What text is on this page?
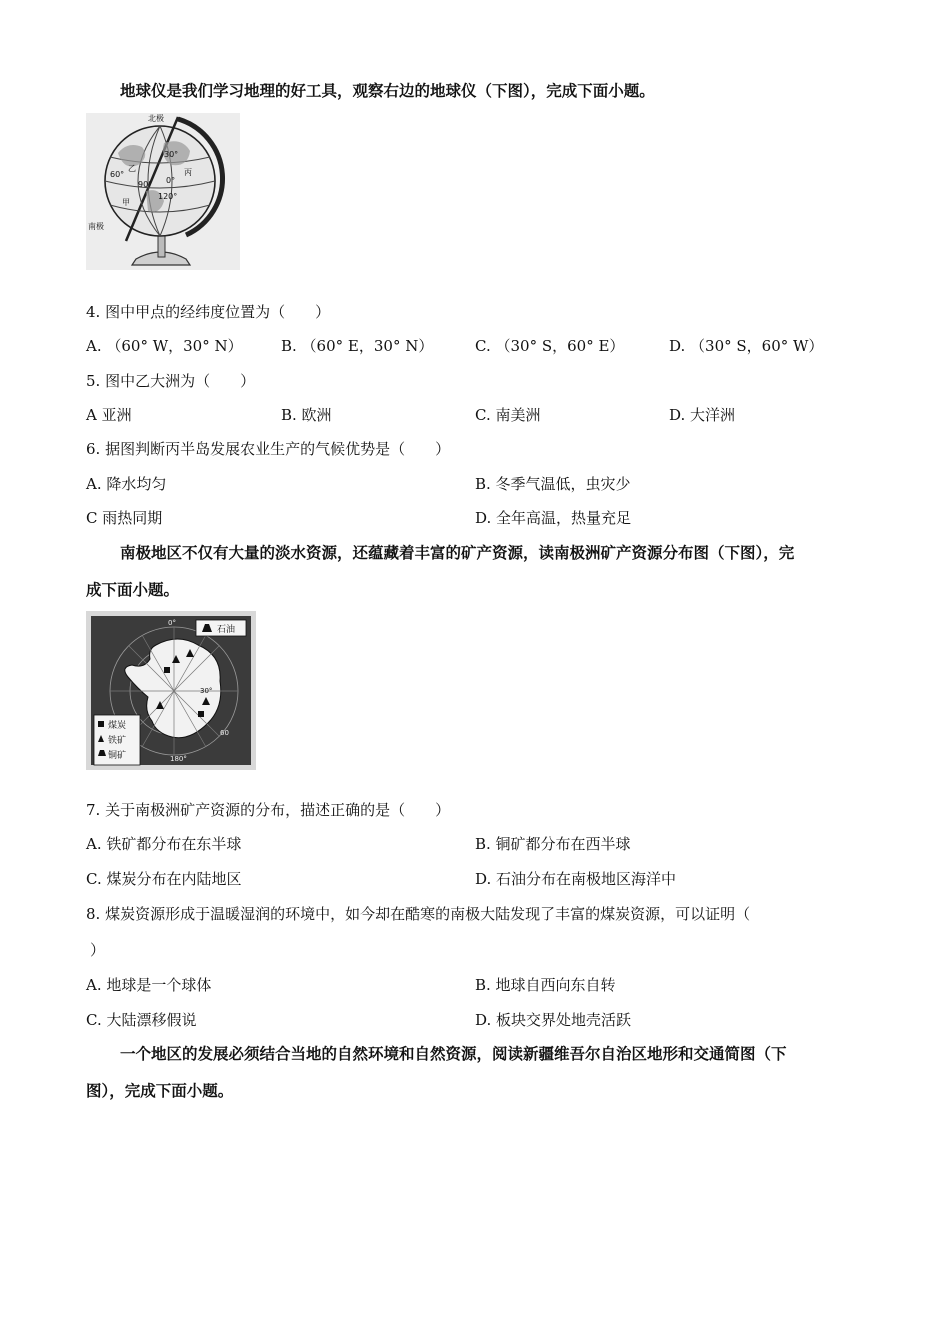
地球仪是我们学习地理的好工具，观察右边的地球仪（下图），完成下面小题。
北极
南极
60°
30°
90° 0°
120°
甲
乙	丙
4. 图中甲点的经纬度位置为（　　）
A. （60° W，30° N）	B. （60° E，30° N）	C. （30° S，60° E）	D. （30° S，60° W）
5. 图中乙大洲为（　　）
A 亚洲	B. 欧洲	C. 南美洲	D. 大洋洲
6. 据图判断丙半岛发展农业生产的气候优势是（　　）
A. 降水均匀	B. 冬季气温低，虫灾少
C 雨热同期	D. 全年高温，热量充足
南极地区不仅有大量的淡水资源，还蕴藏着丰富的矿产资源，读南极洲矿产资源分布图（下图），完
成下面小题。
石油
煤炭
铁矿
铜矿
0°
30°
60
180°
7. 关于南极洲矿产资源的分布，描述正确的是（　　）
A. 铁矿都分布在东半球	B. 铜矿都分布在西半球
C. 煤炭分布在内陆地区	D. 石油分布在南极地区海洋中
8. 煤炭资源形成于温暖湿润的环境中，如今却在酷寒的南极大陆发现了丰富的煤炭资源，可以证明（
）
A. 地球是一个球体	B. 地球自西向东自转
C. 大陆漂移假说	D. 板块交界处地壳活跃
一个地区的发展必须结合当地的自然环境和自然资源，阅读新疆维吾尔自治区地形和交通简图（下
图），完成下面小题。
